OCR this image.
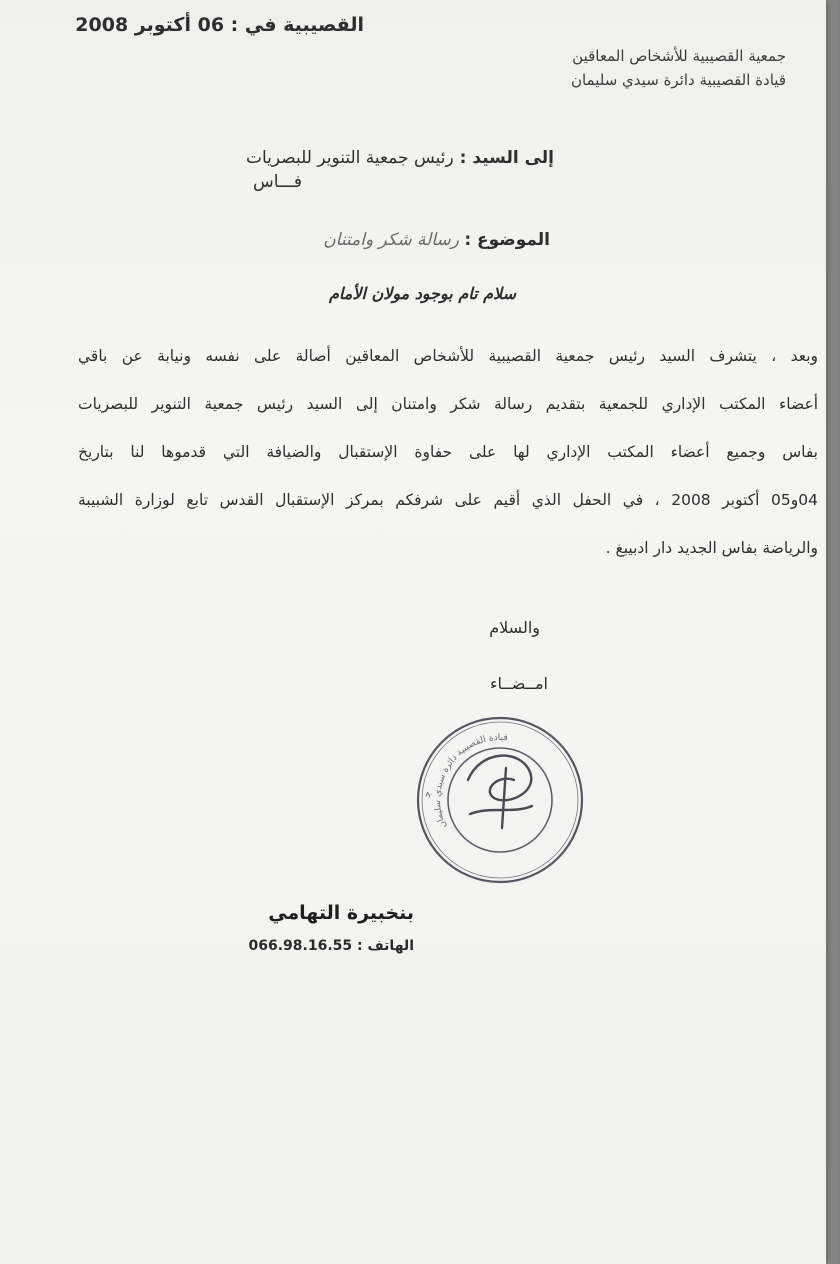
جمعية القصيبية للأشخاص المعاقين
قيادة القصيبية دائرة سيدي سليمان
القصيبية في : 06 أكتوبر 2008
إلى السيد : رئيس جمعية التنوير للبصريات
فـــاس
الموضوع : رسالة شكر وامتنان
سلام تام بوجود مولان الأمام
وبعد ، يتشرف السيد رئيس جمعية القصيبية للأشخاص المعاقين أصالة على نفسه ونيابة عن باقي
أعضاء المكتب الإداري للجمعية بتقديم رسالة شكر وامتنان إلى السيد رئيس جمعية التنوير للبصريات
بفاس وجميع أعضاء المكتب الإداري لها على حفاوة الإستقبال والضيافة التي قدموها لنا بتاريخ
04و05 أكتوبر 2008 ، في الحفل الذي أقيم على شرفكم بمركز الإستقبال القدس تابع لوزارة الشبيبة
والرياضة بفاس الجديد دار ادبيبغ .
والسلام
امــضــاء
ج
قيادة القصيبية دائرة سيدي سليمان
بنخبيرة التهامي
الهاتف : 066.98.16.55
